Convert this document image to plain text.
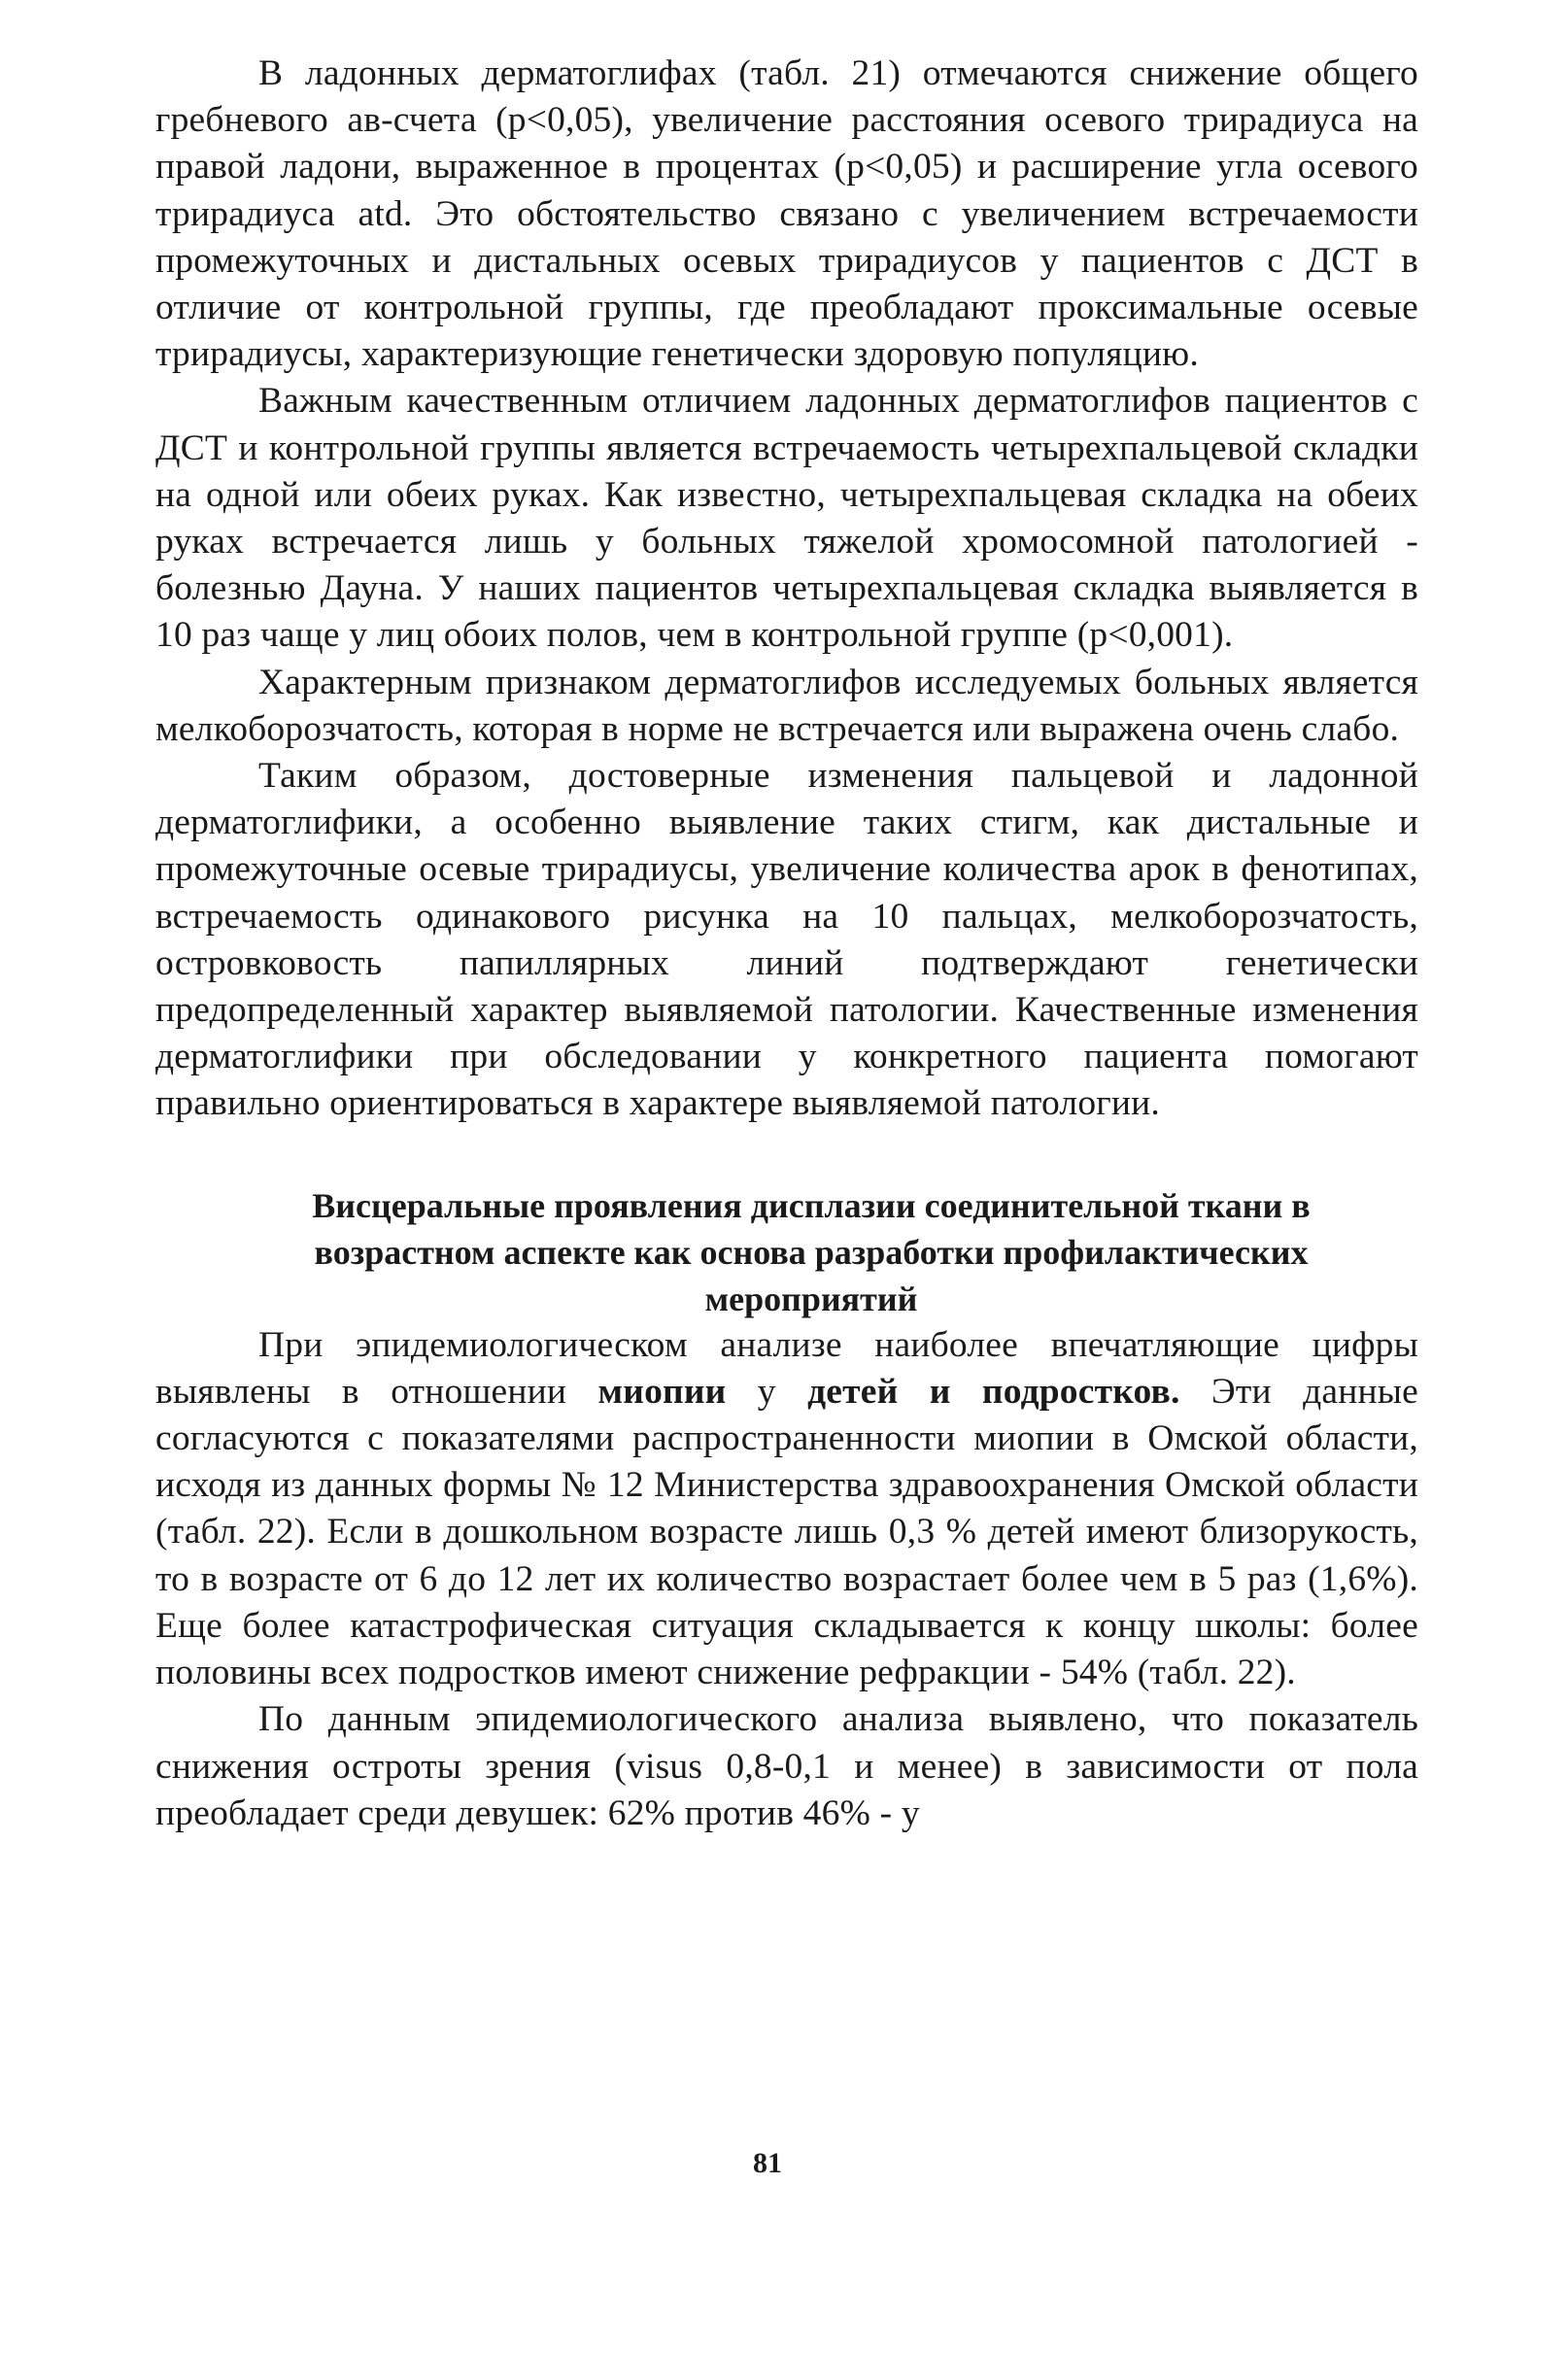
В ладонных дерматоглифах (табл. 21) отмечаются снижение общего гребневого ав-счета (р<0,05), увеличение расстояния осевого трирадиуса на правой ладони, выраженное в процентах (р<0,05) и расширение угла осевого трирадиуса atd. Это обстоятельство связано с увеличением встречаемости промежуточных и дистальных осевых трирадиусов у пациентов с ДСТ в отличие от контрольной группы, где преобладают проксимальные осевые трирадиусы, характеризующие генетически здоровую популяцию.

Важным качественным отличием ладонных дерматоглифов пациентов с ДСТ и контрольной группы является встречаемость четырехпальцевой складки на одной или обеих руках. Как известно, четырехпальцевая складка на обеих руках встречается лишь у больных тяжелой хромосомной патологией - болезнью Дауна. У наших пациентов четырехпальцевая складка выявляется в 10 раз чаще у лиц обоих полов, чем в контрольной группе (р<0,001).

Характерным признаком дерматоглифов исследуемых больных является мелкоборозчатость, которая в норме не встречается или выражена очень слабо.

Таким образом, достоверные изменения пальцевой и ладонной дерматоглифики, а особенно выявление таких стигм, как дистальные и промежуточные осевые трирадиусы, увеличение количества арок в фенотипах, встречаемость одинакового рисунка на 10 пальцах, мелкоборозчатость, островковость папиллярных линий подтверждают генетически предопределенный характер выявляемой патологии. Качественные изменения дерматоглифики при обследовании у конкретного пациента помогают правильно ориентироваться в характере выявляемой патологии.

Висцеральные проявления дисплазии соединительной ткани в возрастном аспекте как основа разработки профилактических мероприятий

При эпидемиологическом анализе наиболее впечатляющие цифры выявлены в отношении миопии у детей и подростков. Эти данные согласуются с показателями распространенности миопии в Омской области, исходя из данных формы № 12 Министерства здравоохранения Омской области (табл. 22). Если в дошкольном возрасте лишь 0,3 % детей имеют близорукость, то в возрасте от 6 до 12 лет их количество возрастает более чем в 5 раз (1,6%). Еще более катастрофическая ситуация складывается к концу школы: более половины всех подростков имеют снижение рефракции - 54% (табл. 22).

По данным эпидемиологического анализа выявлено, что показатель снижения остроты зрения (visus 0,8-0,1 и менее) в зависимости от пола преобладает среди девушек: 62% против 46% - у

81
